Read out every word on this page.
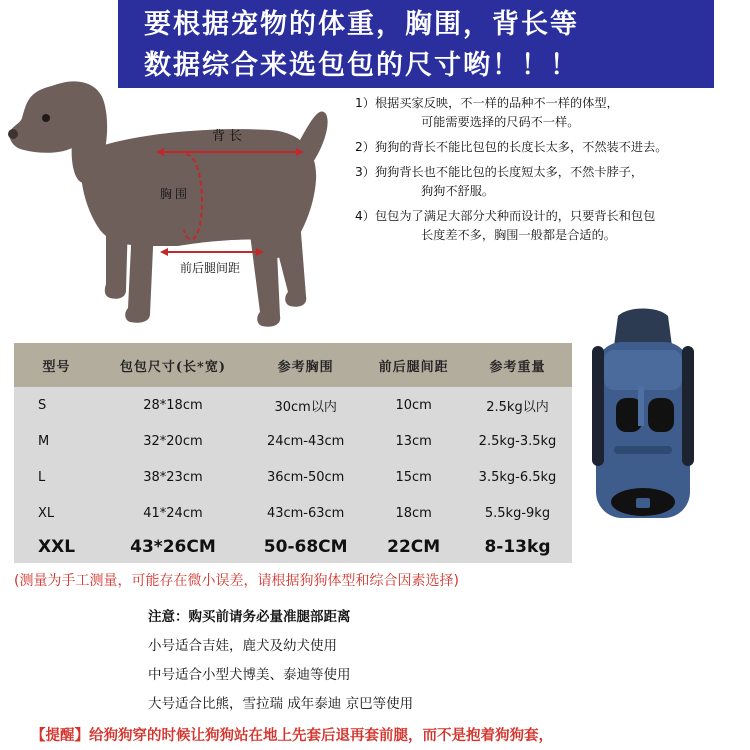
要根据宠物的体重，胸围，背长等
数据综合来选包包的尺寸哟！！！
背长
胸围
前后腿间距
1）根据买家反映，不一样的品种不一样的体型，
可能需要选择的尺码不一样。
2）狗狗的背长不能比包包的长度长太多，不然装不进去。
3）狗狗背长也不能比包的长度短太多，不然卡脖子，
狗狗不舒服。
4）包包为了满足大部分犬种而设计的，只要背长和包包
长度差不多，胸围一般都是合适的。
型号	包包尺寸(长*宽)	参考胸围	前后腿间距	参考重量
S	28*18cm	30cm以内	10cm	2.5kg以内
M	32*20cm	24cm-43cm	13cm	2.5kg-3.5kg
L	38*23cm	36cm-50cm	15cm	3.5kg-6.5kg
XL	41*24cm	43cm-63cm	18cm	5.5kg-9kg
XXL	43*26CM	50-68CM	22CM	8-13kg
(测量为手工测量，可能存在微小误差，请根据狗狗体型和综合因素选择)
注意：购买前请务必量准腿部距离
小号适合吉娃，鹿犬及幼犬使用
中号适合小型犬博美、泰迪等使用
大号适合比熊，雪拉瑞 成年泰迪 京巴等使用
【提醒】给狗狗穿的时候让狗狗站在地上先套后退再套前腿，而不是抱着狗狗套，
